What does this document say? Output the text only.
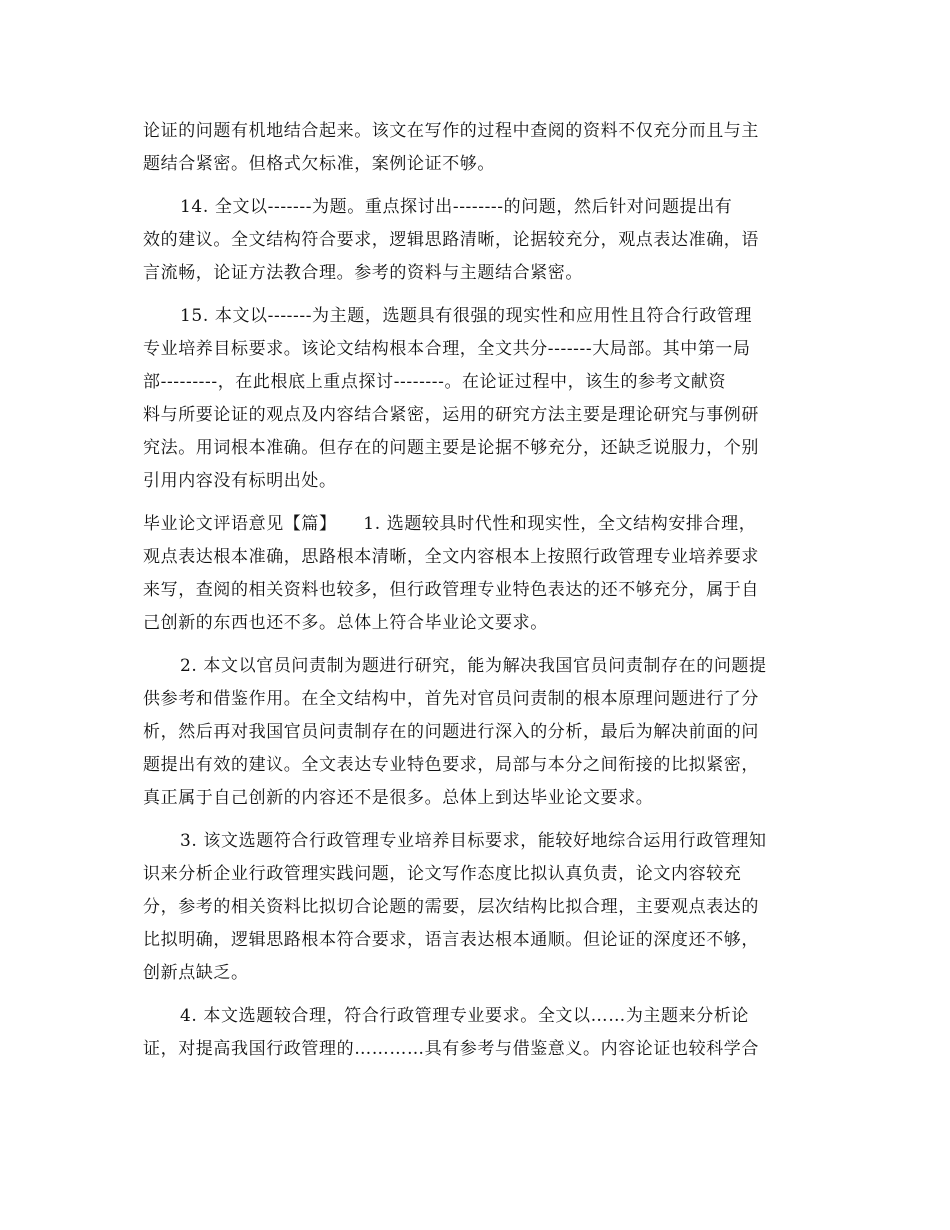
论证的问题有机地结合起来。该文在写作的过程中查阅的资料不仅充分而且与主
题结合紧密。但格式欠标准，案例论证不够。
14. 全文以-------为题。重点探讨出--------的问题，然后针对问题提出有
效的建议。全文结构符合要求，逻辑思路清晰，论据较充分，观点表达准确，语
言流畅，论证方法教合理。参考的资料与主题结合紧密。
15. 本文以-------为主题，选题具有很强的现实性和应用性且符合行政管理
专业培养目标要求。该论文结构根本合理，全文共分-------大局部。其中第一局
部---------，在此根底上重点探讨--------。在论证过程中，该生的参考文献资
料与所要论证的观点及内容结合紧密，运用的研究方法主要是理论研究与事例研
究法。用词根本准确。但存在的问题主要是论据不够充分，还缺乏说服力，个别
引用内容没有标明出处。
毕业论文评语意见【篇】　　1. 选题较具时代性和现实性，全文结构安排合理，
观点表达根本准确，思路根本清晰，全文内容根本上按照行政管理专业培养要求
来写，查阅的相关资料也较多，但行政管理专业特色表达的还不够充分，属于自
己创新的东西也还不多。总体上符合毕业论文要求。
2. 本文以官员问责制为题进行研究，能为解决我国官员问责制存在的问题提
供参考和借鉴作用。在全文结构中，首先对官员问责制的根本原理问题进行了分
析，然后再对我国官员问责制存在的问题进行深入的分析，最后为解决前面的问
题提出有效的建议。全文表达专业特色要求，局部与本分之间衔接的比拟紧密，
真正属于自己创新的内容还不是很多。总体上到达毕业论文要求。
3. 该文选题符合行政管理专业培养目标要求，能较好地综合运用行政管理知
识来分析企业行政管理实践问题，论文写作态度比拟认真负责，论文内容较充
分，参考的相关资料比拟切合论题的需要，层次结构比拟合理，主要观点表达的
比拟明确，逻辑思路根本符合要求，语言表达根本通顺。但论证的深度还不够，
创新点缺乏。
4. 本文选题较合理，符合行政管理专业要求。全文以……为主题来分析论
证，对提高我国行政管理的…………具有参考与借鉴意义。内容论证也较科学合
